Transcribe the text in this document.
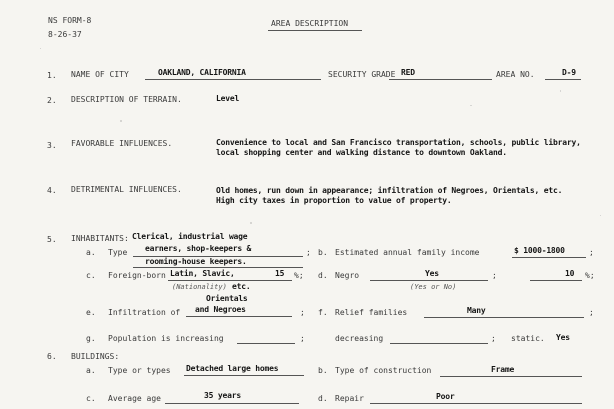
NS FORM-8
8-26-37
AREA DESCRIPTION
1. NAME OF CITY	OAKLAND, CALIFORNIA	SECURITY GRADE RED	AREA NO.	D-9
2. DESCRIPTION OF TERRAIN.	Level
3. FAVORABLE INFLUENCES.	Convenience to local and San Francisco transportation, schools, public library, local shopping center and walking distance to downtown Oakland.
4. DETRIMENTAL INFLUENCES.	Old homes, run down in appearance; infiltration of Negroes, Orientals, etc. High city taxes in proportion to value of property.
5. INHABITANTS: Clerical, industrial wage
a. Type earners, shop-keepers &	;
rooming-house keepers.
b. Estimated annual family income	$ 1000-1800	;
c. Foreign-born Latin, Slavic,	15 %;
(Nationality) etc.
d. Negro	Yes
(Yes or No)
;	10 %;
Orientals
e. Infiltration of and Negroes	; f. Relief families	Many	;
g. Population is increasing	;	decreasing	; static. Yes
6. BUILDINGS:
a. Type or types Detached large homes	b. Type of construction	Frame
c. Average age	35 years	d. Repair	Poor
